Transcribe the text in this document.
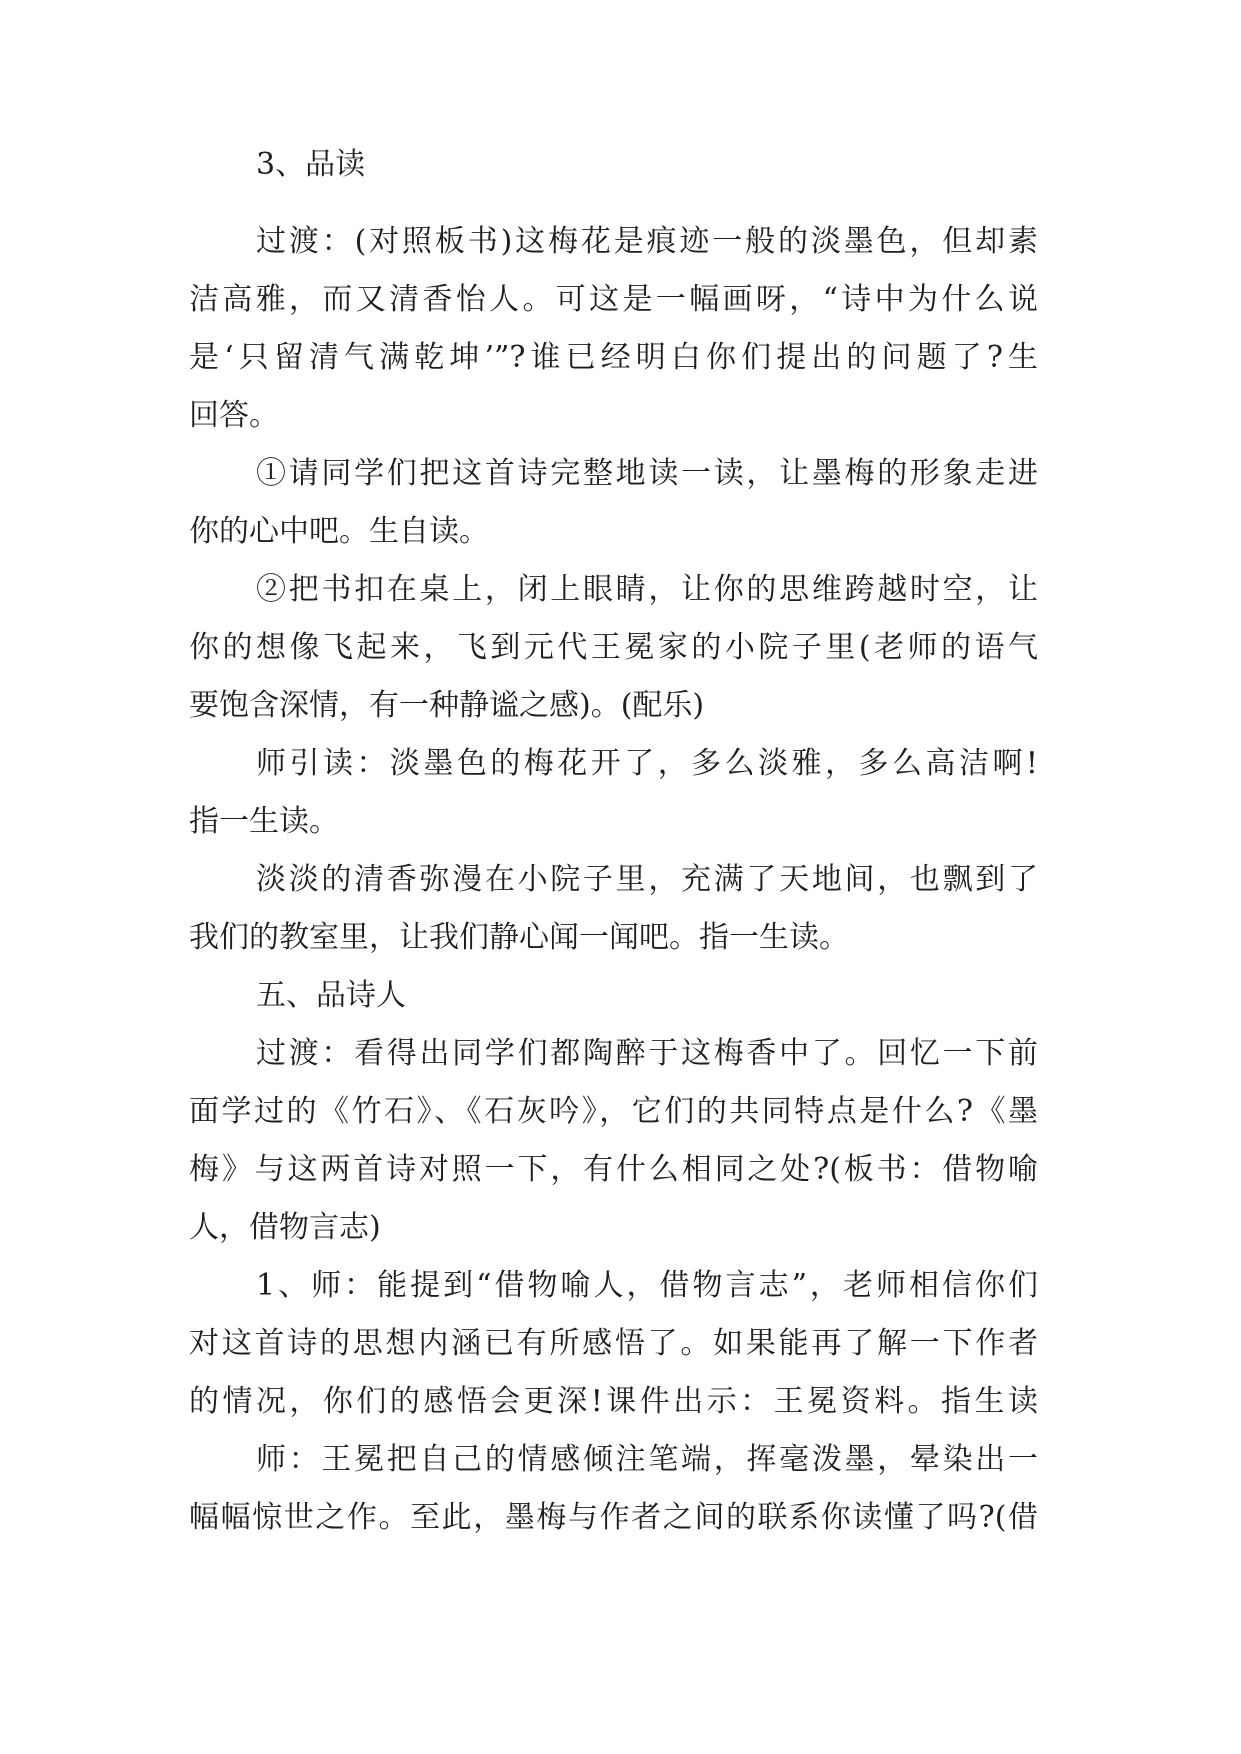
3、品读
过渡：(对照板书)这梅花是痕迹一般的淡墨色，但却素
洁高雅，而又清香怡人。可这是一幅画呀，“诗中为什么说
是‘只留清气满乾坤’”?谁已经明白你们提出的问题了?生
回答。
①请同学们把这首诗完整地读一读，让墨梅的形象走进
你的心中吧。生自读。
②把书扣在桌上，闭上眼睛，让你的思维跨越时空，让
你的想像飞起来，飞到元代王冕家的小院子里(老师的语气
要饱含深情，有一种静谧之感)。(配乐)
师引读：淡墨色的梅花开了，多么淡雅，多么高洁啊!
指一生读。
淡淡的清香弥漫在小院子里，充满了天地间，也飘到了
我们的教室里，让我们静心闻一闻吧。指一生读。
五、品诗人
过渡：看得出同学们都陶醉于这梅香中了。回忆一下前
面学过的《竹石》、《石灰吟》，它们的共同特点是什么?《墨
梅》与这两首诗对照一下，有什么相同之处?(板书：借物喻
人，借物言志)
1、师：能提到“借物喻人，借物言志”，老师相信你们
对这首诗的思想内涵已有所感悟了。如果能再了解一下作者
的情况，你们的感悟会更深!课件出示：王冕资料。指生读
师：王冕把自己的情感倾注笔端，挥毫泼墨，晕染出一
幅幅惊世之作。至此，墨梅与作者之间的联系你读懂了吗?(借
